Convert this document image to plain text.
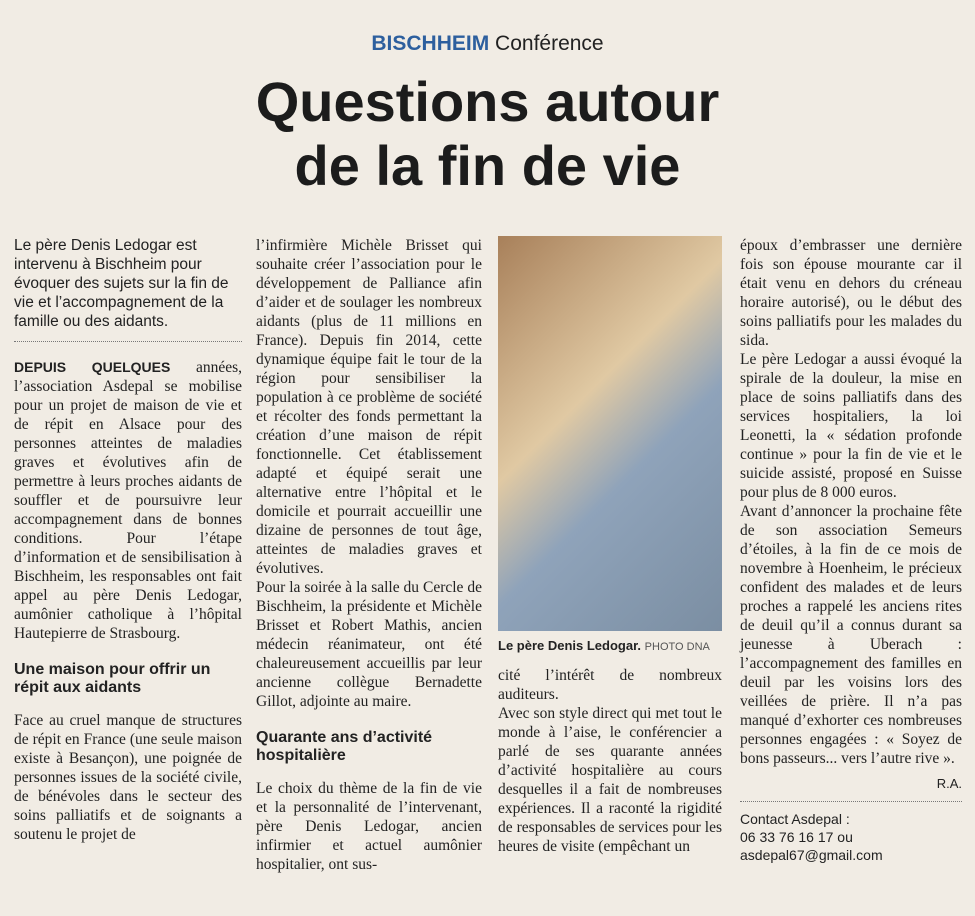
BISCHHEIM Conférence
Questions autour
de la fin de vie
Le père Denis Ledogar est intervenu à Bischheim pour évoquer des sujets sur la fin de vie et l’accompagnement de la famille ou des aidants.
DEPUIS QUELQUES années, l’association Asdepal se mobilise pour un projet de maison de vie et de répit en Alsace pour des personnes atteintes de maladies graves et évolutives afin de permettre à leurs proches aidants de souffler et de poursuivre leur accompagnement dans de bonnes conditions. Pour l’étape d’information et de sensibilisation à Bischheim, les responsables ont fait appel au père Denis Ledogar, aumônier catholique à l’hôpital Hautepierre de Strasbourg.
Une maison pour offrir un répit aux aidants
Face au cruel manque de structures de répit en France (une seule maison existe à Besançon), une poignée de personnes issues de la société civile, de bénévoles dans le secteur des soins palliatifs et de soignants a soutenu le projet de
l’infirmière Michèle Brisset qui souhaite créer l’association pour le développement de Palliance afin d’aider et de soulager les nombreux aidants (plus de 11 millions en France). Depuis fin 2014, cette dynamique équipe fait le tour de la région pour sensibiliser la population à ce problème de société et récolter des fonds permettant la création d’une maison de répit fonctionnelle. Cet établissement adapté et équipé serait une alternative entre l’hôpital et le domicile et pourrait accueillir une dizaine de personnes de tout âge, atteintes de maladies graves et évolutives.
Pour la soirée à la salle du Cercle de Bischheim, la présidente et Michèle Brisset et Robert Mathis, ancien médecin réanimateur, ont été chaleureusement accueillis par leur ancienne collègue Bernadette Gillot, adjointe au maire.
Quarante ans d’activité hospitalière
Le choix du thème de la fin de vie et la personnalité de l’intervenant, père Denis Ledogar, ancien infirmier et actuel aumônier hospitalier, ont sus-
Le père Denis Ledogar. PHOTO DNA
cité l’intérêt de nombreux auditeurs.
Avec son style direct qui met tout le monde à l’aise, le conférencier a parlé de ses quarante années d’activité hospitalière au cours desquelles il a fait de nombreuses expériences. Il a raconté la rigidité de responsables de services pour les heures de visite (empêchant un
époux d’embrasser une dernière fois son épouse mourante car il était venu en dehors du créneau horaire autorisé), ou le début des soins palliatifs pour les malades du sida.
Le père Ledogar a aussi évoqué la spirale de la douleur, la mise en place de soins palliatifs dans des services hospitaliers, la loi Leonetti, la « sédation profonde continue » pour la fin de vie et le suicide assisté, proposé en Suisse pour plus de 8 000 euros.
Avant d’annoncer la prochaine fête de son association Semeurs d’étoiles, à la fin de ce mois de novembre à Hoenheim, le précieux confident des malades et de leurs proches a rappelé les anciens rites de deuil qu’il a connus durant sa jeunesse à Uberach : l’accompagnement des familles en deuil par les voisins lors des veillées de prière. Il n’a pas manqué d’exhorter ces nombreuses personnes engagées : « Soyez de bons passeurs... vers l’autre rive ».
R.A.
Contact Asdepal :
06 33 76 16 17 ou
asdepal67@gmail.com
